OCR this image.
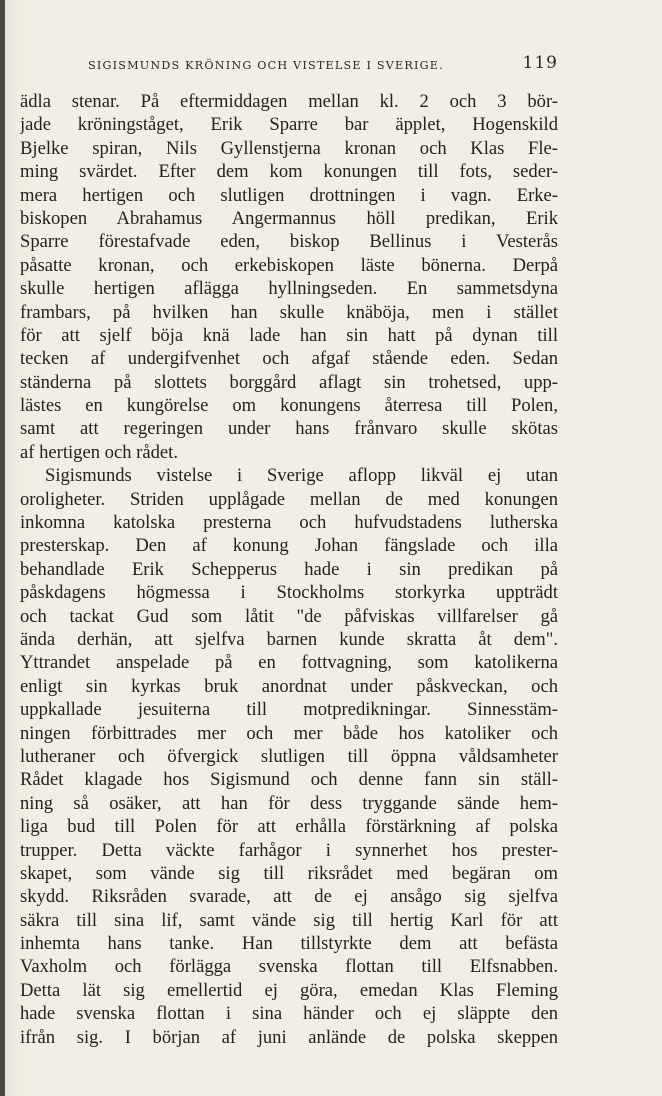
SIGISMUNDS KRÖNING OCH VISTELSE I SVERIGE.	119
ädla stenar. På eftermiddagen mellan kl. 2 och 3 bör-
jade kröningståget, Erik Sparre bar äpplet, Hogenskild
Bjelke spiran, Nils Gyllenstjerna kronan och Klas Fle-
ming svärdet. Efter dem kom konungen till fots, seder-
mera hertigen och slutligen drottningen i vagn. Erke-
biskopen Abrahamus Angermannus höll predikan, Erik
Sparre förestafvade eden, biskop Bellinus i Vesterås
påsatte kronan, och erkebiskopen läste bönerna. Derpå
skulle hertigen aflägga hyllningseden. En sammetsdyna
frambars, på hvilken han skulle knäböja, men i stället
för att sjelf böja knä lade han sin hatt på dynan till
tecken af undergifvenhet och afgaf stående eden. Sedan
ständerna på slottets borggård aflagt sin trohetsed, upp-
lästes en kungörelse om konungens återresa till Polen,
samt att regeringen under hans frånvaro skulle skötas
af hertigen och rådet.
Sigismunds vistelse i Sverige aflopp likväl ej utan
oroligheter. Striden upplågade mellan de med konungen
inkomna katolska presterna och hufvudstadens lutherska
presterskap. Den af konung Johan fängslade och illa
behandlade Erik Schepperus hade i sin predikan på
påskdagens högmessa i Stockholms storkyrka uppträdt
och tackat Gud som låtit "de påfviskas villfarelser gå
ända derhän, att sjelfva barnen kunde skratta åt dem".
Yttrandet anspelade på en fottvagning, som katolikerna
enligt sin kyrkas bruk anordnat under påskveckan, och
uppkallade jesuiterna till motpredikningar. Sinnesstäm-
ningen förbittrades mer och mer både hos katoliker och
lutheraner och öfvergick slutligen till öppna våldsamheter
Rådet klagade hos Sigismund och denne fann sin ställ-
ning så osäker, att han för dess tryggande sände hem-
liga bud till Polen för att erhålla förstärkning af polska
trupper. Detta väckte farhågor i synnerhet hos prester-
skapet, som vände sig till riksrådet med begäran om
skydd. Riksråden svarade, att de ej ansågo sig sjelfva
säkra till sina lif, samt vände sig till hertig Karl för att
inhemta hans tanke. Han tillstyrkte dem att befästa
Vaxholm och förlägga svenska flottan till Elfsnabben.
Detta lät sig emellertid ej göra, emedan Klas Fleming
hade svenska flottan i sina händer och ej släppte den
ifrån sig. I början af juni anlände de polska skeppen
